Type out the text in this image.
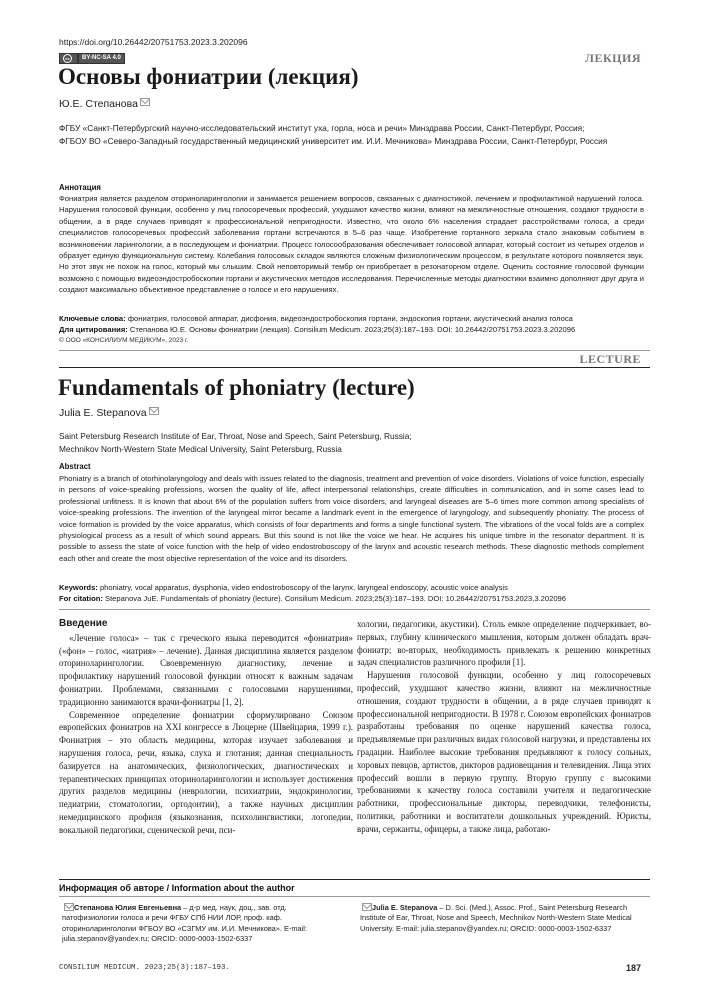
https://doi.org/10.26442/20751753.2023.3.202096
cc	BY-NC-SA 4.0	ЛЕКЦИЯ
Основы фониатрии (лекция)
Ю.Е. Степанова
ФГБУ «Санкт-Петербургский научно-исследовательский институт уха, горла, носа и речи» Минздрава России, Санкт-Петербург, Россия;
ФГБОУ ВО «Северо-Западный государственный медицинский университет им. И.И. Мечникова» Минздрава России, Санкт-Петербург, Россия
Аннотация
Фониатрия является разделом оториноларингологии и занимается решением вопросов, связанных с диагностикой, лечением и профилактикой нарушений голоса. Нарушения голосовой функции, особенно у лиц голосоречевых профессий, ухудшают качество жизни, влияют на межличностные отношения, создают трудности в общении, а в ряде случаев приводят к профессиональной непригодности. Известно, что около 6% населения страдает расстройствами голоса, а среди специалистов голосоречевых профессий заболевания гортани встречаются в 5–6 раз чаще. Изобретение гортанного зеркала стало знаковым событием в возникновении ларингологии, а в последующем и фониатрии. Процесс голосообразования обеспечивает голосовой аппарат, который состоит из четырех отделов и образует единую функциональную систему. Колебания голосовых складок являются сложным физиологическим процессом, в результате которого появляется звук. Но этот звук не похож на голос, который мы слышим. Свой неповторимый тембр он приобретает в резонаторном отделе. Оценить состояние голосовой функции возможно с помощью видеоэндостробоскопии гортани и акустических методов исследования. Перечисленные методы диагностики взаимно дополняют друг друга и создают максимально объективное представление о голосе и его нарушениях.
Ключевые слова: фониатрия, голосовой аппарат, дисфония, видеоэндостробоскопия гортани, эндоскопия гортани, акустический анализ голоса
Для цитирования: Степанова Ю.Е. Основы фониатрии (лекция). Consilium Medicum. 2023;25(3):187–193. DOI: 10.26442/20751753.2023.3.202096
© ООО «КОНСИЛИУМ МЕДИКУМ», 2023 г.
LECTURE
Fundamentals of phoniatry (lecture)
Julia E. Stepanova
Saint Petersburg Research Institute of Ear, Throat, Nose and Speech, Saint Petersburg, Russia;
Mechnikov North-Western State Medical University, Saint Petersburg, Russia
Abstract
Phoniatry is a branch of otorhinolaryngology and deals with issues related to the diagnosis, treatment and prevention of voice disorders. Violations of voice function, especially in persons of voice-speaking professions, worsen the quality of life, affect interpersonal relationships, create difficulties in communication, and in some cases lead to professional unfitness. It is known that about 6% of the population suffers from voice disorders, and laryngeal diseases are 5–6 times more common among specialists of voice-speaking professions. The invention of the laryngeal mirror became a landmark event in the emergence of laryngology, and subsequently phoniatry. The process of voice formation is provided by the voice apparatus, which consists of four departments and forms a single functional system. The vibrations of the vocal folds are a complex physiological process as a result of which sound appears. But this sound is not like the voice we hear. He acquires his unique timbre in the resonator department. It is possible to assess the state of voice function with the help of video endostroboscopy of the larynx and acoustic research methods. These diagnostic methods complement each other and create the most objective representation of the voice and its disorders.
Keywords: phoniatry, vocal apparatus, dysphonia, video endostroboscopy of the larynx, laryngeal endoscopy, acoustic voice analysis
For citation: Stepanova JuE. Fundamentals of phoniatry (lecture). Consilium Medicum. 2023;25(3):187–193. DOI: 10.26442/20751753.2023.3.202096
Введение

«Лечение голоса» – так с греческого языка переводится «фониатрия» («фон» – голос, «иатрия» – лечение). Данная дисциплина является разделом оториноларингологии. Своевременную диагностику, лечение и профилактику нарушений голосовой функции относят к важным задачам фониатрии. Проблемами, связанными с голосовыми нарушениями, традиционно занимаются врачи-фониатры [1, 2].

Современное определение фониатрии сформулировано Союзом европейских фониатров на XXI конгрессе в Люцерне (Швейцария, 1999 г.). Фониатрия – это область медицины, которая изучает заболевания и нарушения голоса, речи, языка, слуха и глотания; данная специальность базируется на анатомических, физиологических, диагностических и терапевтических принципах оториноларингологии и использует достижения других разделов медицины (неврологии, психиатрии, эндокринологии, педиатрии, стоматологии, ортодонтии), а также научных дисциплин немедицинского профиля (языкознания, психолингвистики, логопедии, вокальной педагогики, сценической речи, пси-

хологии, педагогики, акустики). Столь емкое определение подчеркивает, во-первых, глубину клинического мышления, которым должен обладать врач-фониатр; во-вторых, необходимость привлекать к решению конкретных задач специалистов различного профиля [1].

Нарушения голосовой функции, особенно у лиц голосоречевых профессий, ухудшают качество жизни, влияют на межличностные отношения, создают трудности в общении, а в ряде случаев приводят к профессиональной непригодности. В 1978 г. Союзом европейских фониатров разработаны требования по оценке нарушений качества голоса, предъявляемые при различных видах голосовой нагрузки, и представлены их градации. Наиболее высокие требования предъявляют к голосу сольных, хоровых певцов, артистов, дикторов радиовещания и телевидения. Лица этих профессий вошли в первую группу. Вторую группу с высокими требованиями к качеству голоса составили учителя и педагогические работники, профессиональные дикторы, переводчики, телефонисты, политики, работники и воспитатели дошкольных учреждений. Юристы, врачи, сержанты, офицеры, а также лица, работаю-

Информация об авторе / Information about the author
Степанова Юлия Евгеньевна – д-р мед. наук, доц., зав. отд. патофизиологии голоса и речи ФГБУ СПб НИИ ЛОР, проф. каф. оториноларингологии ФГБОУ ВО «СЗГМУ им. И.И. Мечникова». E-mail: julia.stepanov@yandex.ru; ORCID: 0000-0003-1502-6337
Julia E. Stepanova – D. Sci. (Med.), Assoc. Prof., Saint Petersburg Research Institute of Ear, Throat, Nose and Speech, Mechnikov North-Western State Medical University. E-mail: julia.stepanov@yandex.ru; ORCID: 0000-0003-1502-6337
CONSILIUM MEDICUM. 2023;25(3):187–193.	187
